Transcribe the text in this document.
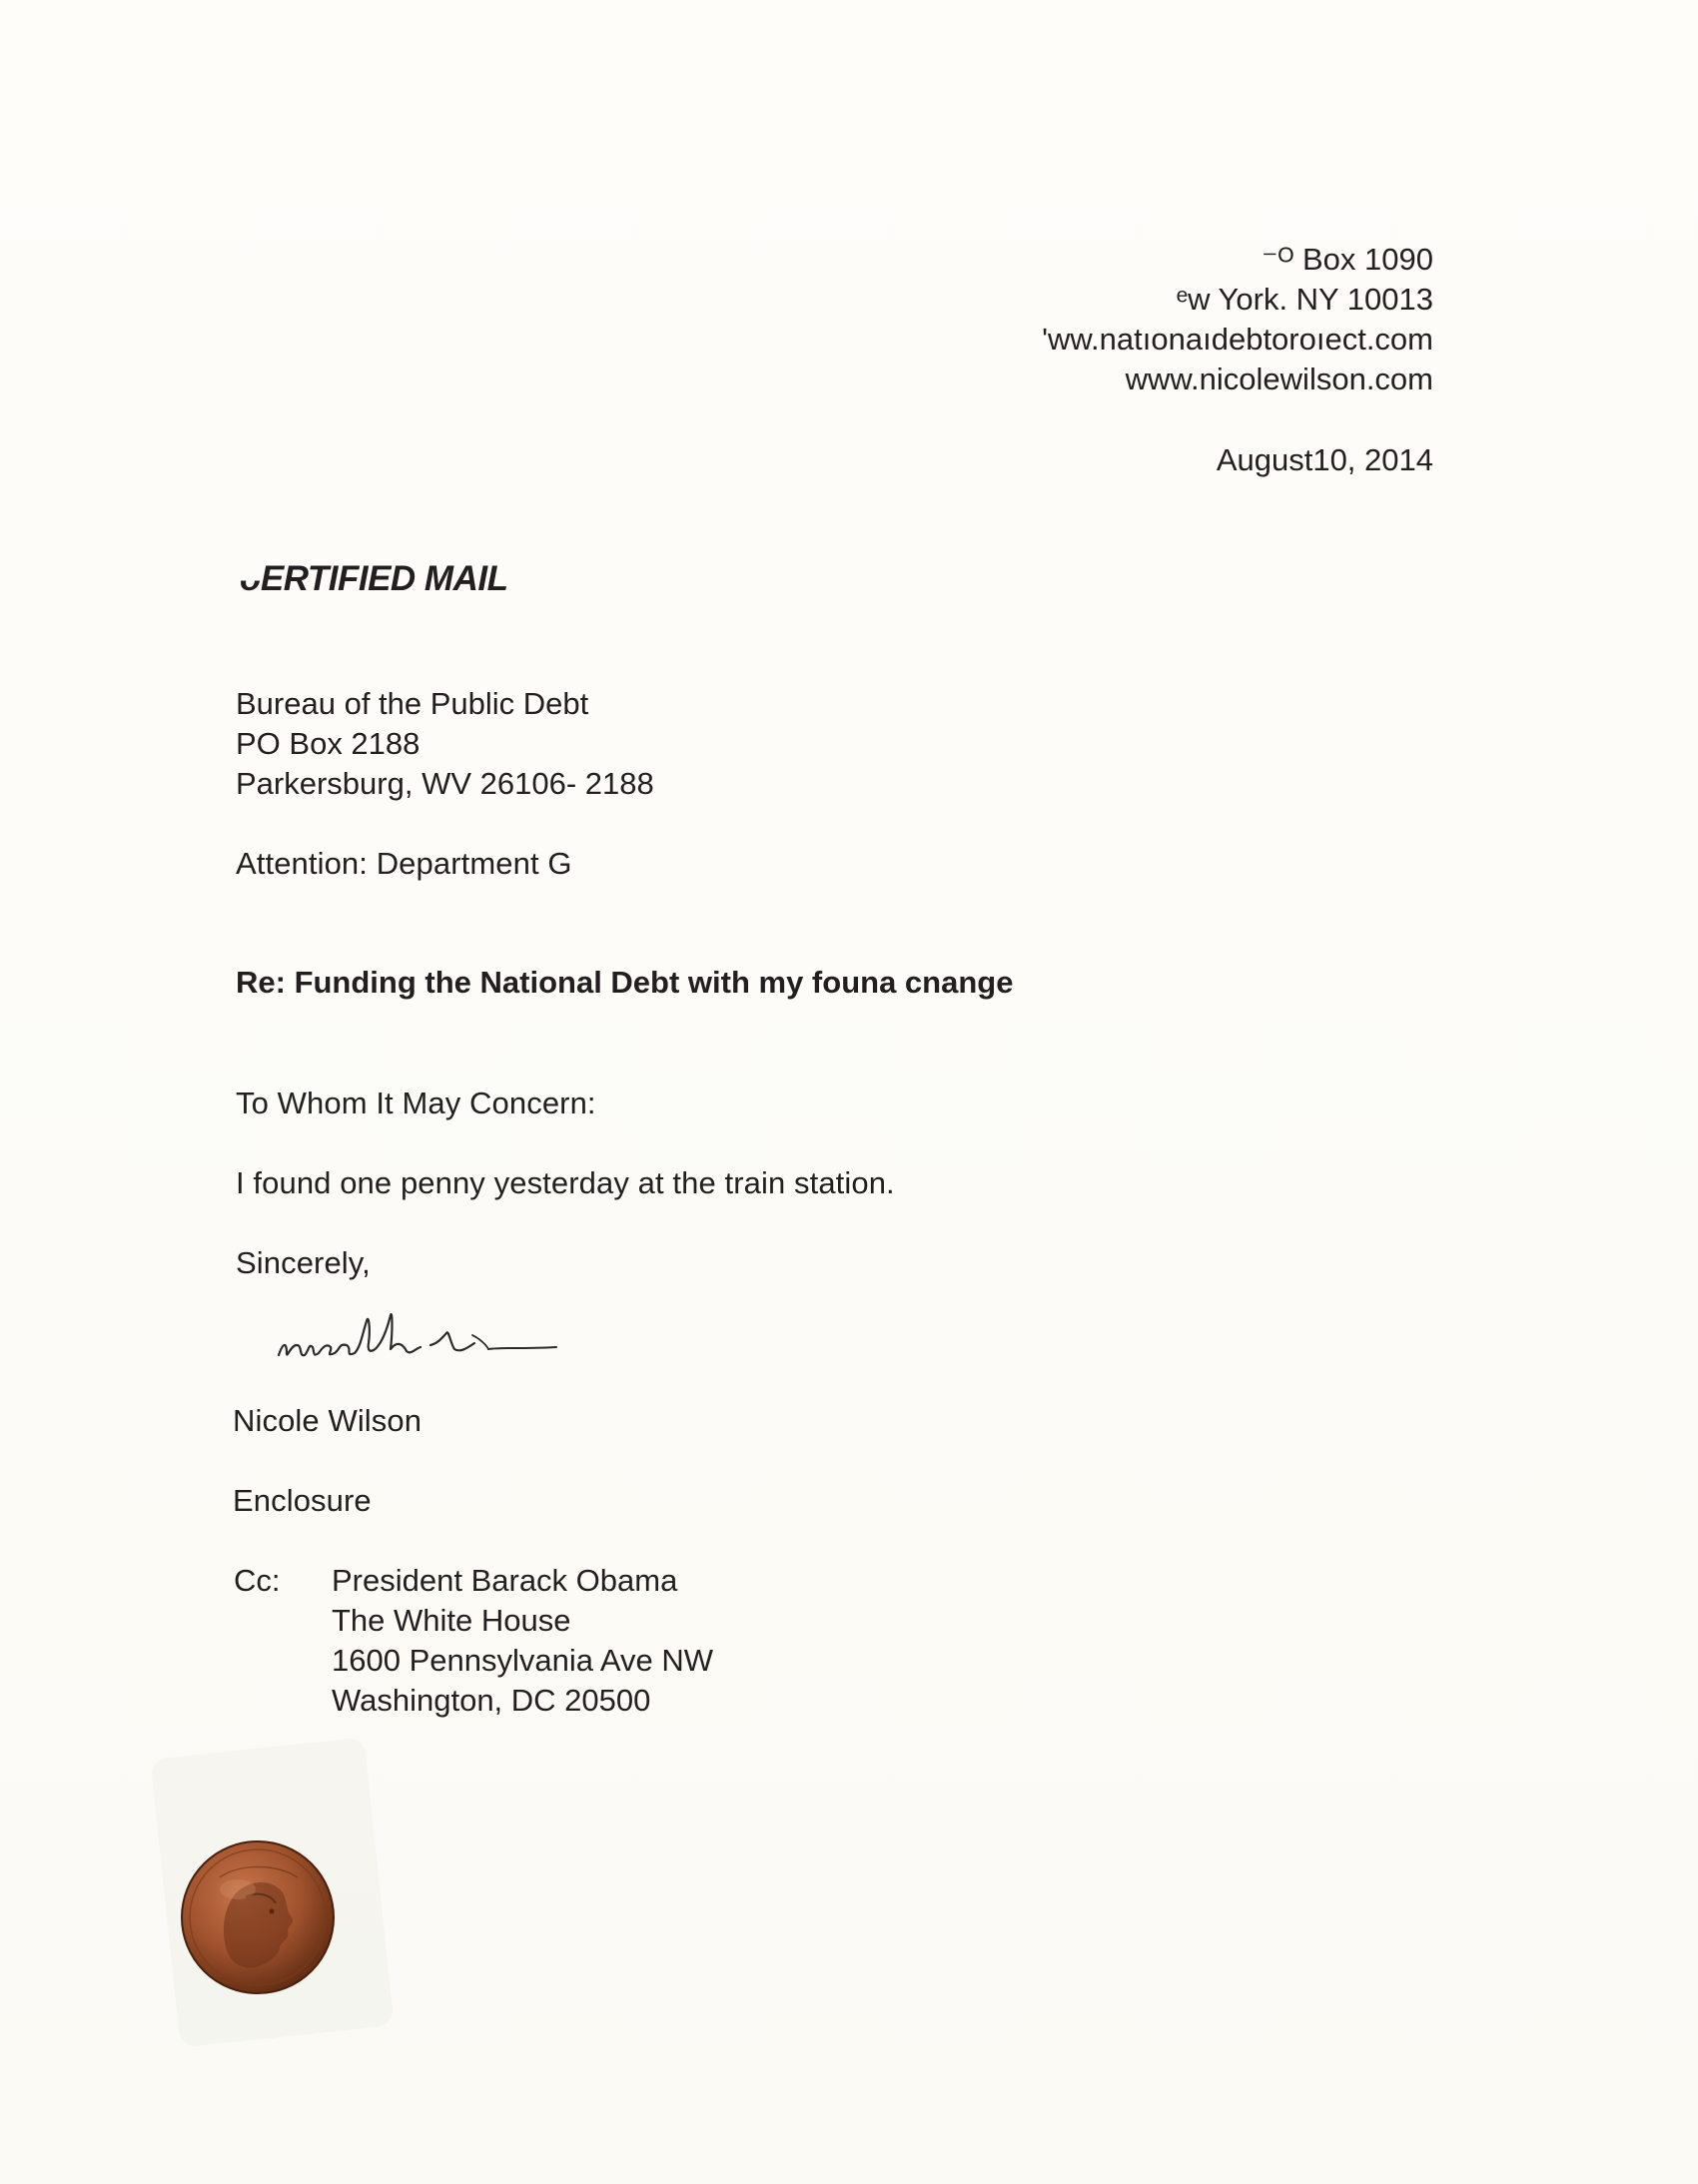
⁻ᴼ Box 1090
ᵉw York. NY 10013
ʹww.natıonaıdebtoroıect.com
www.nicolewilson.com
August10, 2014
ᴗERTIFIED MAIL
Bureau of the Public Debt
PO Box 2188
Parkersburg, WV 26106- 2188
Attention: Department G
Re: Funding the National Debt with my founa cnange
To Whom It May Concern:
I found one penny yesterday at the train station.
Sincerely,
Nicole Wilson
Enclosure
Cc: President Barack Obama
The White House
1600 Pennsylvania Ave NW
Washington, DC 20500
